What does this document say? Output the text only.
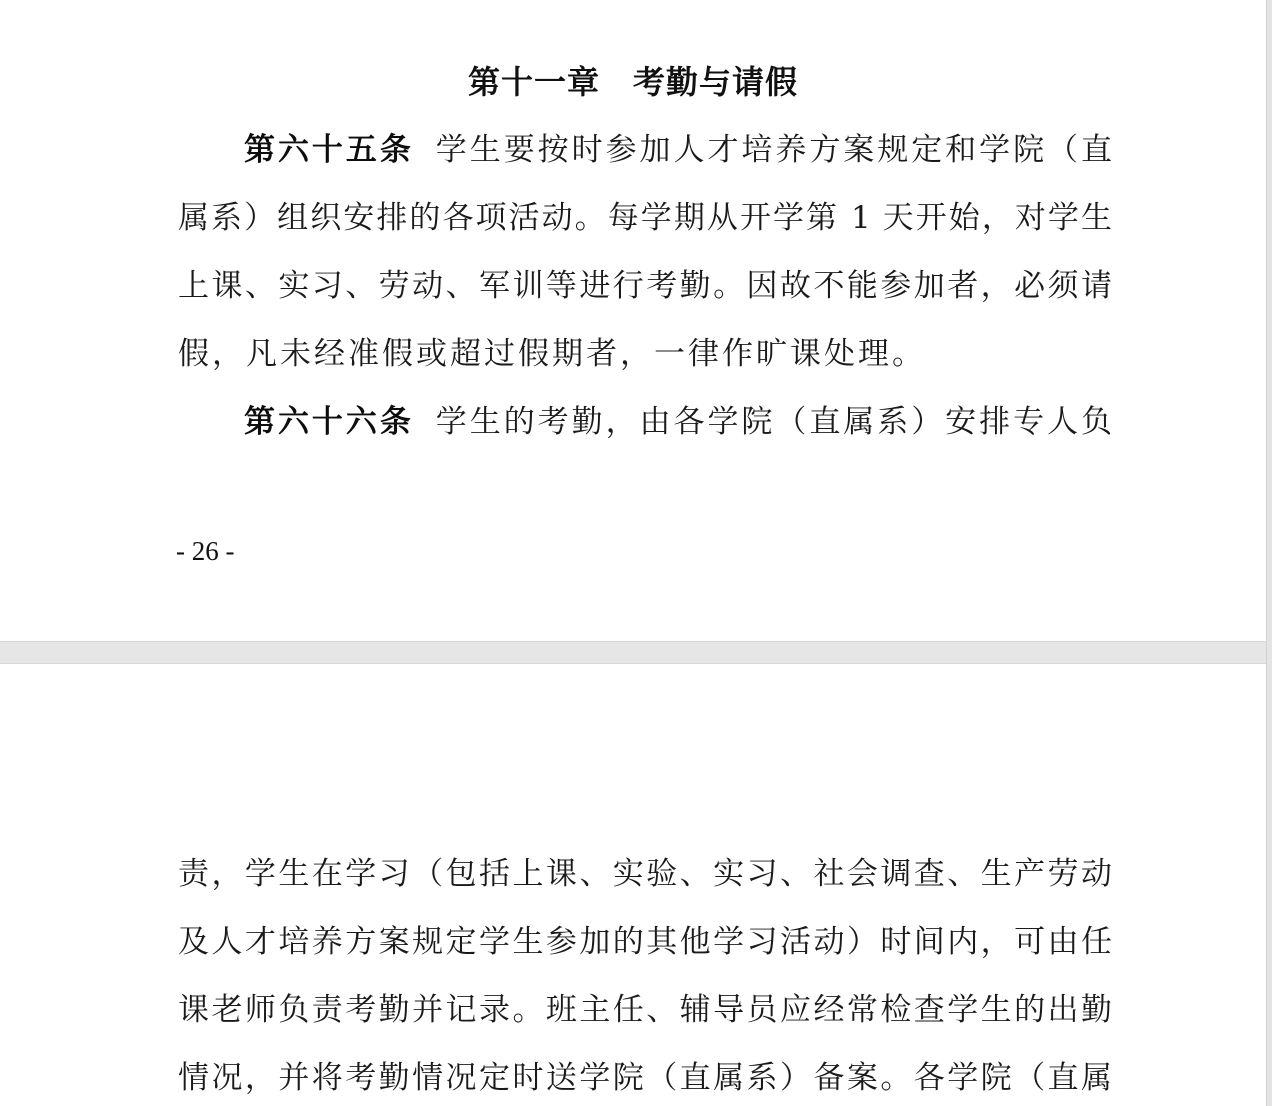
第十一章　考勤与请假
第六十五条 学生要按时参加人才培养方案规定和学院（直
属系）组织安排的各项活动。每学期从开学第 1 天开始，对学生
上课、实习、劳动、军训等进行考勤。因故不能参加者，必须请
假，凡未经准假或超过假期者，一律作旷课处理。
第六十六条 学生的考勤，由各学院（直属系）安排专人负
- 26 -
责，学生在学习（包括上课、实验、实习、社会调查、生产劳动
及人才培养方案规定学生参加的其他学习活动）时间内，可由任
课老师负责考勤并记录。班主任、辅导员应经常检查学生的出勤
情况，并将考勤情况定时送学院（直属系）备案。各学院（直属
